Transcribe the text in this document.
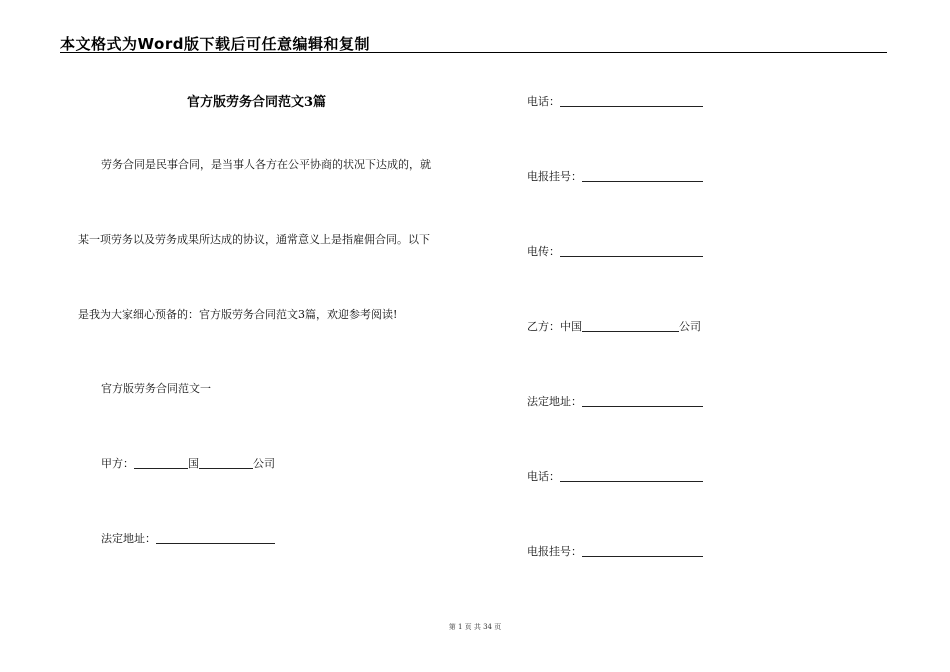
本文格式为Word版下载后可任意编辑和复制
官方版劳务合同范文3篇
劳务合同是民事合同，是当事人各方在公平协商的状况下达成的，就
某一项劳务以及劳务成果所达成的协议，通常意义上是指雇佣合同。以下
是我为大家细心预备的：官方版劳务合同范文3篇，欢迎参考阅读!
官方版劳务合同范文一
甲方：	国	公司
法定地址：
电话：
电报挂号：
电传：
乙方：中国	公司
法定地址：
电话：
电报挂号：
第 1 页 共 34 页
